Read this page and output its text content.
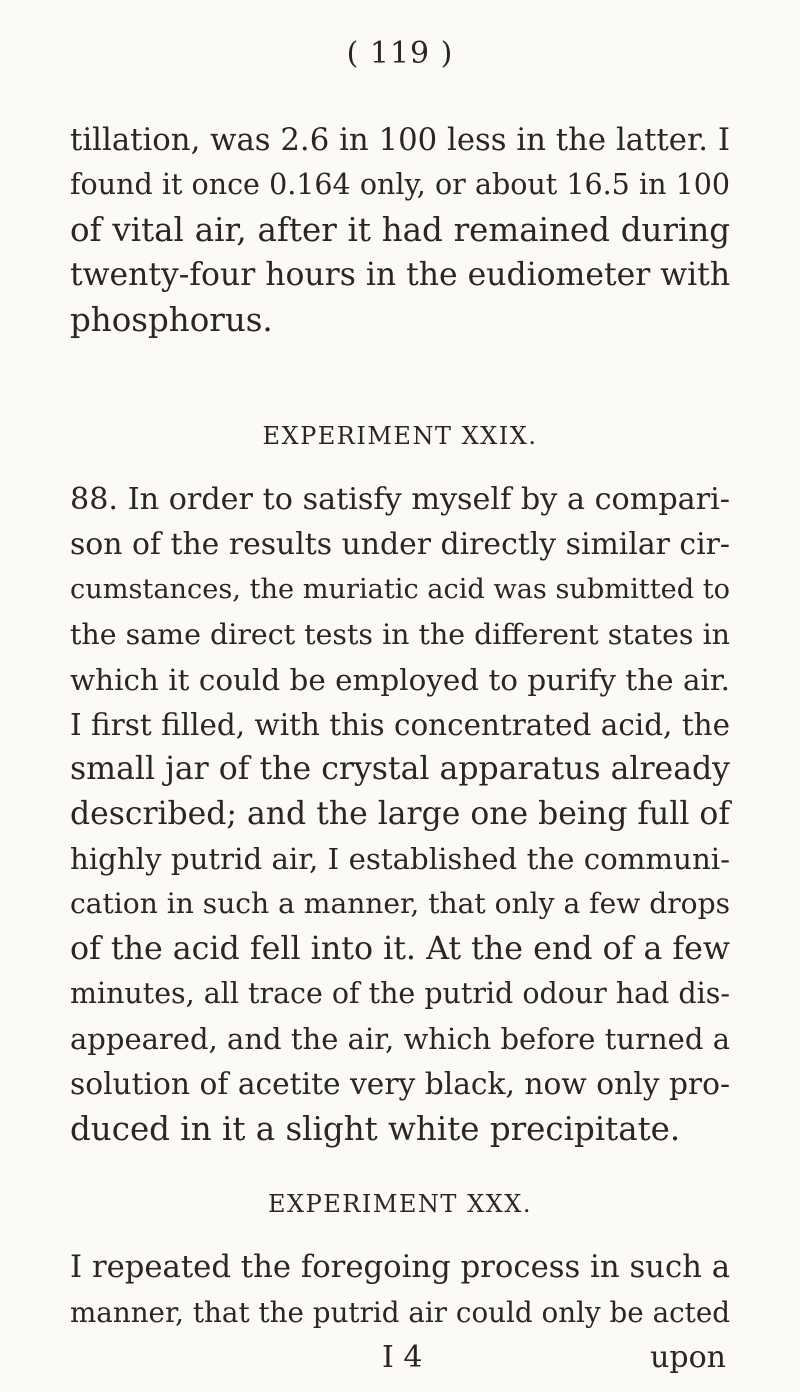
( 119 )
tillation, was 2.6 in 100 less in the latter. I
found it once 0.164 only, or about 16.5 in 100
of vital air, after it had remained during
twenty-four hours in the eudiometer with
phosphorus.
EXPERIMENT XXIX.
88. In order to satisfy myself by a compari-
son of the results under directly similar cir-
cumstances, the muriatic acid was submitted to
the same direct tests in the different states in
which it could be employed to purify the air.
I first filled, with this concentrated acid, the
small jar of the crystal apparatus already
described; and the large one being full of
highly putrid air, I established the communi-
cation in such a manner, that only a few drops
of the acid fell into it. At the end of a few
minutes, all trace of the putrid odour had dis-
appeared, and the air, which before turned a
solution of acetite very black, now only pro-
duced in it a slight white precipitate.
EXPERIMENT XXX.
I repeated the foregoing process in such a
manner, that the putrid air could only be acted
I 4	upon
